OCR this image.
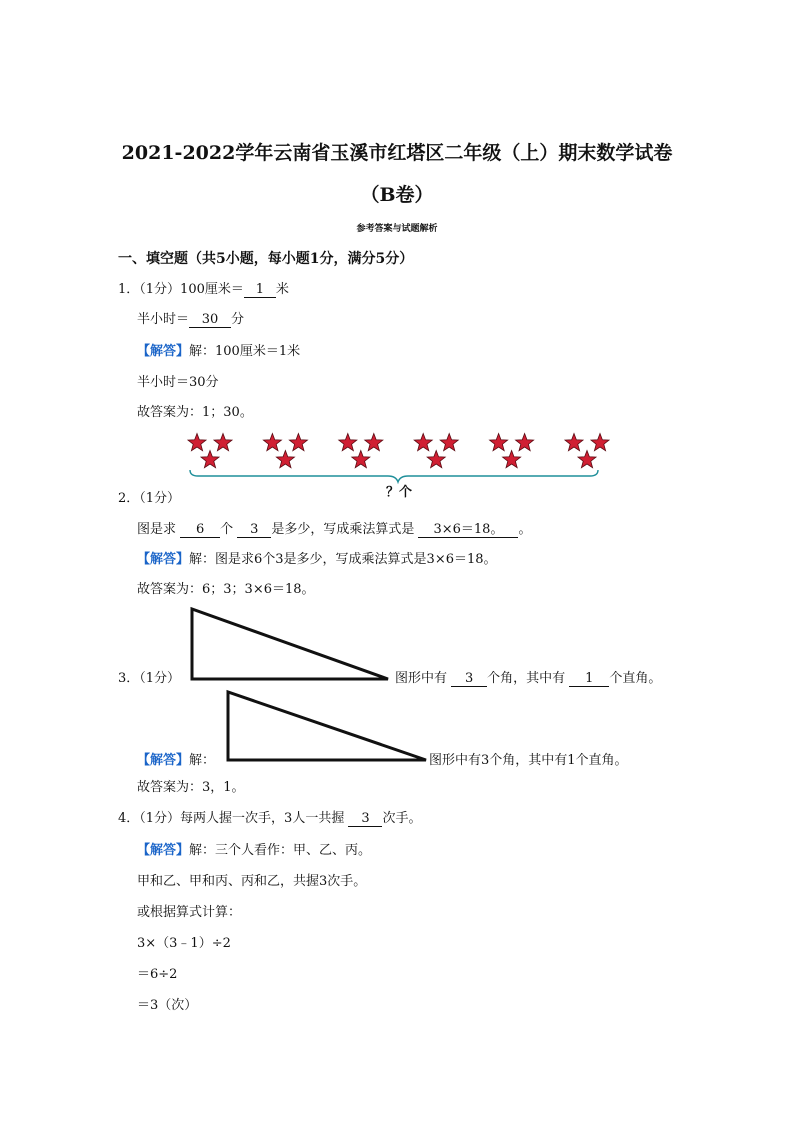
2021-2022学年云南省玉溪市红塔区二年级（上）期末数学试卷
（B卷）
参考答案与试题解析
一、填空题（共5小题，每小题1分，满分5分）
1．（1分）100厘米＝ 1 米
半小时＝ 30 分
【解答】解：100厘米＝1米
半小时＝30分
故答案为：1；30。
？个
2．（1分）
图是求 6 个 3 是多少，写成乘法算式是 3×6＝18。 。
【解答】解：图是求6个3是多少，写成乘法算式是3×6＝18。
故答案为：6；3；3×6＝18。
3．（1分）	图形中有 3 个角，其中有 1 个直角。
【解答】解：	图形中有3个角，其中有1个直角。
故答案为：3，1。
4．（1分）每两人握一次手，3人一共握 3 次手。
【解答】解：三个人看作：甲、乙、丙。
甲和乙、甲和丙、丙和乙，共握3次手。
或根据算式计算：
3×（3﹣1）÷2
＝6÷2
＝3（次）
